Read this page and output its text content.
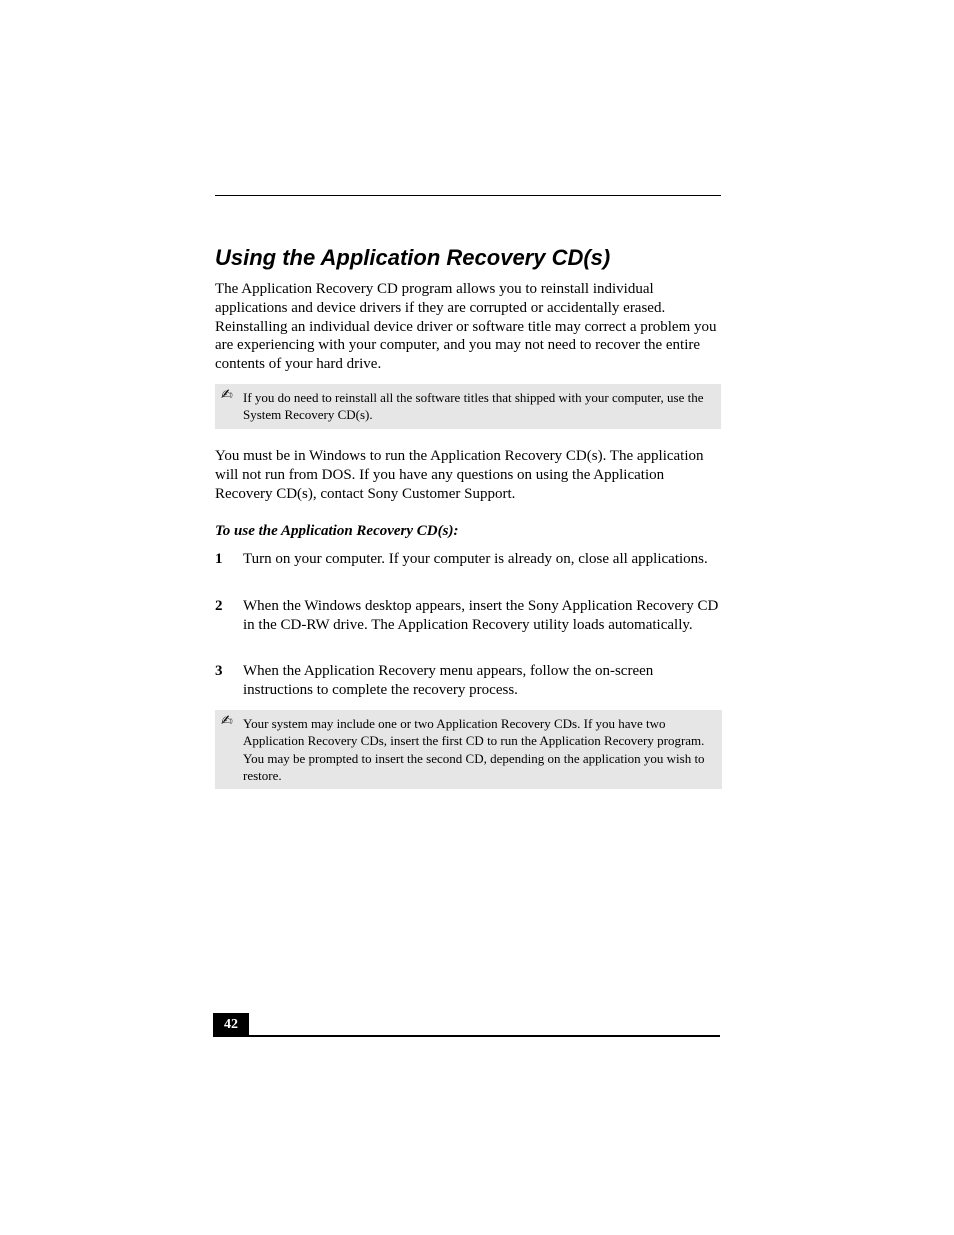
Using the Application Recovery CD(s)

The Application Recovery CD program allows you to reinstall individual applications and device drivers if they are corrupted or accidentally erased. Reinstalling an individual device driver or software title may correct a problem you are experiencing with your computer, and you may not need to recover the entire contents of your hard drive.

✍ If you do need to reinstall all the software titles that shipped with your computer, use the System Recovery CD(s).

You must be in Windows to run the Application Recovery CD(s). The application will not run from DOS. If you have any questions on using the Application Recovery CD(s), contact Sony Customer Support.

To use the Application Recovery CD(s):
1 Turn on your computer. If your computer is already on, close all applications.
2 When the Windows desktop appears, insert the Sony Application Recovery CD in the CD-RW drive. The Application Recovery utility loads automatically.
3 When the Application Recovery menu appears, follow the on-screen instructions to complete the recovery process.
✍ Your system may include one or two Application Recovery CDs. If you have two Application Recovery CDs, insert the first CD to run the Application Recovery program. You may be prompted to insert the second CD, depending on the application you wish to restore.
42
